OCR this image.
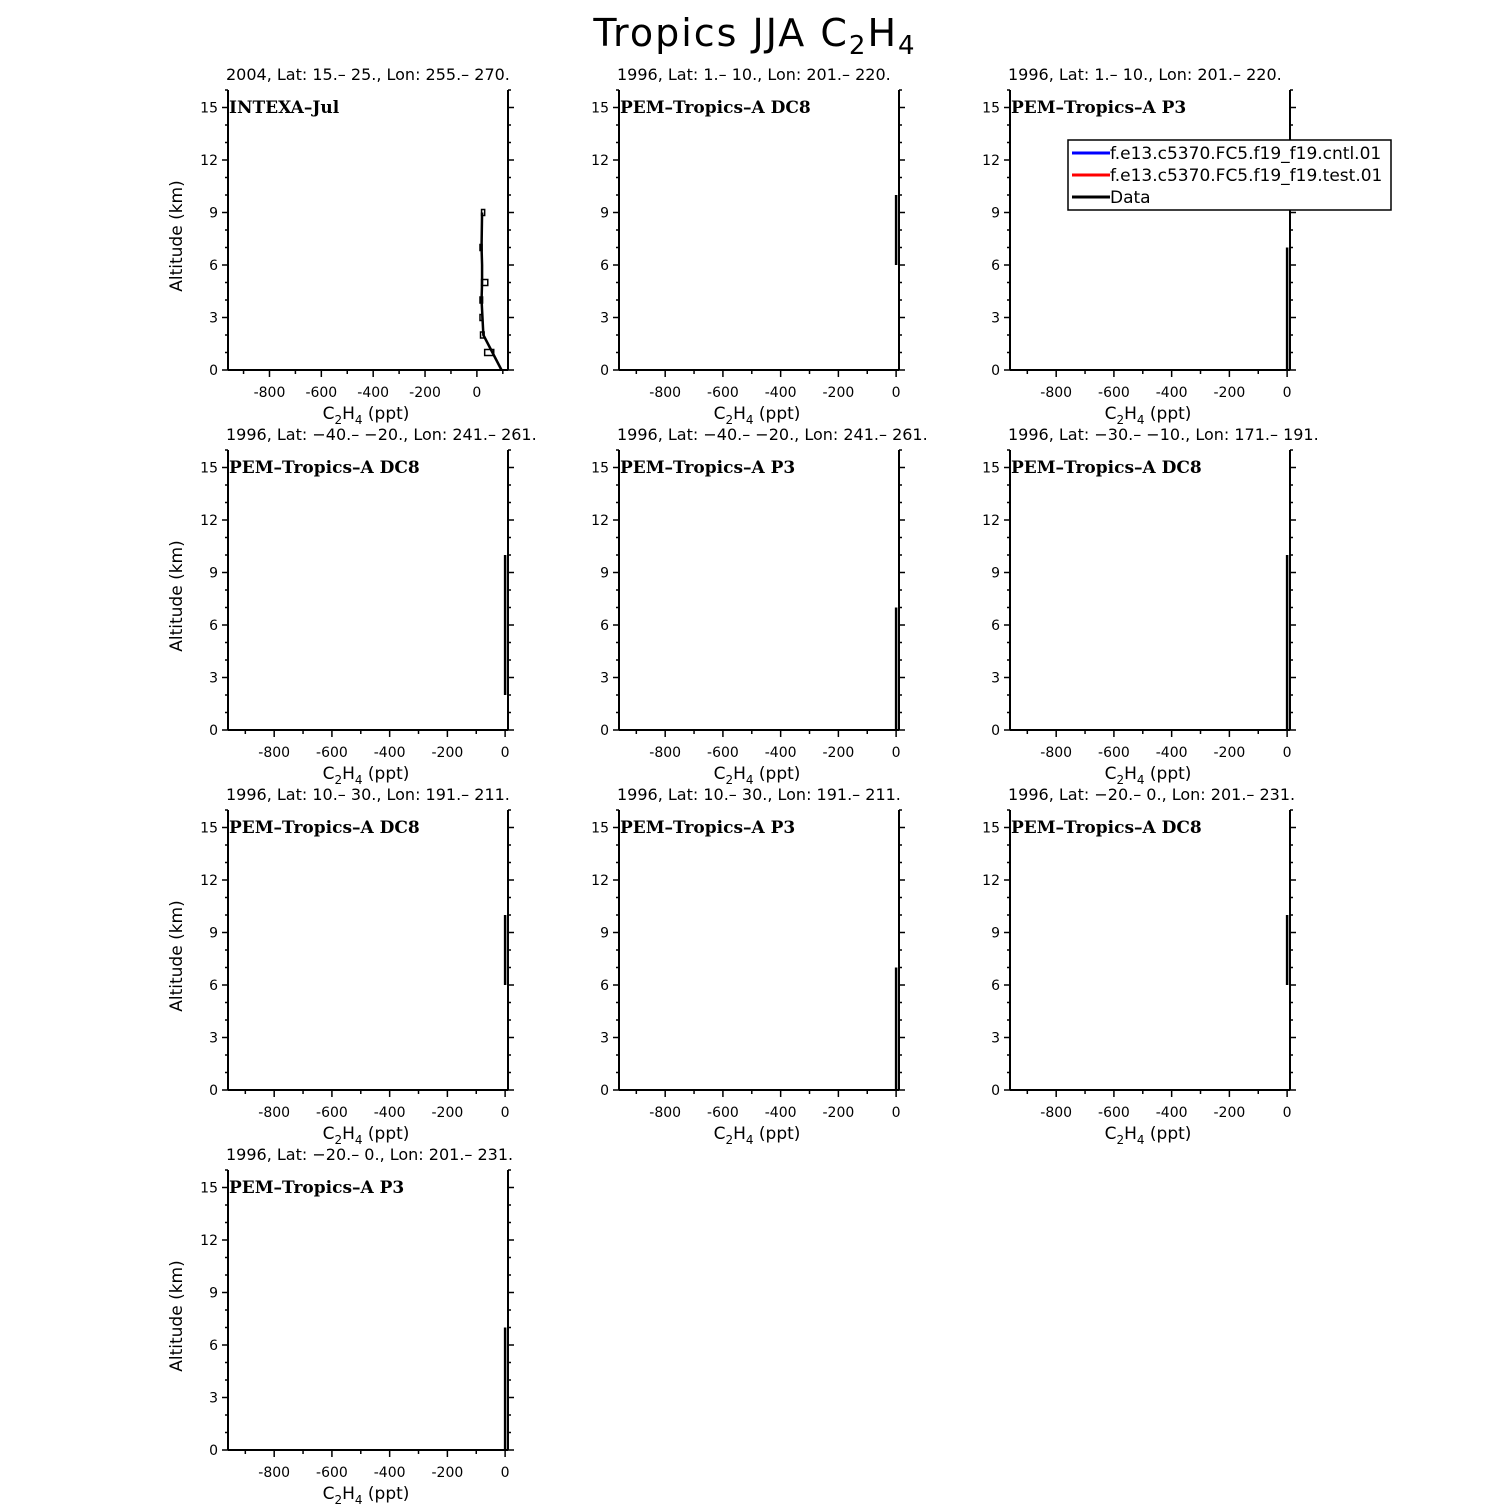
Tropics JJA $C_2H_4$
2004, Lat: 15.– 25., Lon: 255.– 270.
0
3
6
9
12
15
-800 -600 -400 -200 0
$C_2H_4$ (ppt)
Altitude (km)
INTEXA–Jul
1996, Lat: 1.– 10., Lon: 201.– 220.
0
3
6
9
12
15
-800 -600 -400 -200	0
$C_2H_4$ (ppt)
PEM–Tropics–A DC8
1996, Lat: 1.– 10., Lon: 201.– 220.
0
3
6
9
12
15
-800 -600 -400 -200	0
$C_2H_4$ (ppt)
PEM–Tropics–A P3
1996, Lat: −40.– −20., Lon: 241.– 261.
0
3
6
9
12
15
-800 -600 -400 -200	0
$C_2H_4$ (ppt)
Altitude (km)
PEM–Tropics–A DC8
1996, Lat: −40.– −20., Lon: 241.– 261.
0
3
6
9
12
15
-800 -600 -400 -200	0
$C_2H_4$ (ppt)
PEM–Tropics–A P3
1996, Lat: −30.– −10., Lon: 171.– 191.
0
3
6
9
12
15
-800 -600 -400 -200	0
$C_2H_4$ (ppt)
PEM–Tropics–A DC8
1996, Lat: 10.– 30., Lon: 191.– 211.
0
3
6
9
12
15
-800 -600 -400 -200	0
$C_2H_4$ (ppt)
Altitude (km)
PEM–Tropics–A DC8
1996, Lat: 10.– 30., Lon: 191.– 211.
0
3
6
9
12
15
-800 -600 -400 -200	0
$C_2H_4$ (ppt)
PEM–Tropics–A P3
1996, Lat: −20.– 0., Lon: 201.– 231.
0
3
6
9
12
15
-800 -600 -400 -200	0
$C_2H_4$ (ppt)
PEM–Tropics–A DC8
1996, Lat: −20.– 0., Lon: 201.– 231.
0
3
6
9
12
15
-800 -600 -400 -200	0
$C_2H_4$ (ppt)
Altitude (km)
PEM–Tropics–A P3
f.e13.c5370.FC5.f19_f19.cntl.01
f.e13.c5370.FC5.f19_f19.test.01
Data
